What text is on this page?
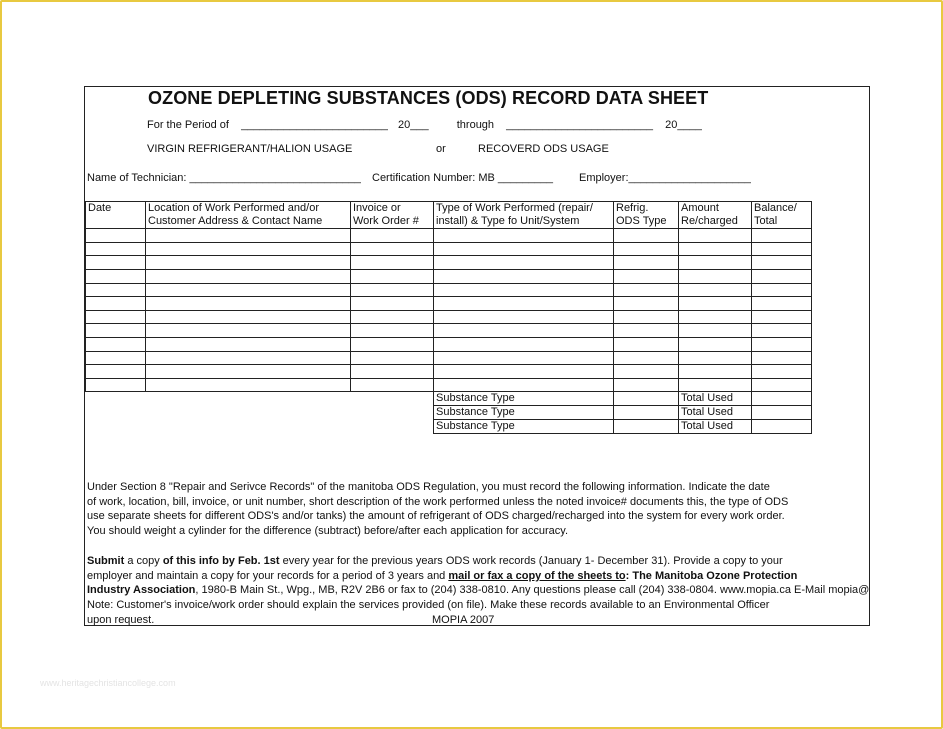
OZONE DEPLETING SUBSTANCES (ODS) RECORD DATA SHEET
For the Period of ________________________ 20___	through ________________________ 20____
VIRGIN REFRIGERANT/HALION USAGE	or	RECOVERD ODS USAGE
Name of Technician: ____________________________ Certification Number: MB _________ Employer:____________________
Date	Location of Work Performed and/or	Invoice or	Type of Work Performed (repair/	Refrig.	Amount	Balance/
	Customer Address & Contact Name	Work Order #	install) & Type fo Unit/System	ODS Type	Re/charged	Total

			Substance Type		Total Used	
			Substance Type		Total Used	
			Substance Type		Total Used	
Under Section 8 "Repair and Serivce Records" of the manitoba ODS Regulation, you must record the following information. Indicate the date
of work, location, bill, invoice, or unit number, short description of the work performed unless the noted invoice# documents this, the type of ODS
use separate sheets for different ODS's and/or tanks) the amount of refrigerant of ODS charged/recharged into the system for every work order.
You should weight a cylinder for the difference (subtract) before/after each application for accuracy.
Submit a copy of this info by Feb. 1st every year for the previous years ODS work records (January 1- December 31). Provide a copy to your
employer and maintain a copy for your records for a period of 3 years and mail or fax a copy of the sheets to: The Manitoba Ozone Protection
Industry Association, 1980-B Main St., Wpg., MB, R2V 2B6 or fax to (204) 338-0810. Any questions please call (204) 338-0804. www.mopia.ca E-Mail mopia@
Note: Customer's invoice/work order should explain the services provided (on file). Make these records available to an Environmental Officer
upon request.	MOPIA 2007
www.heritagechristiancollege.com
